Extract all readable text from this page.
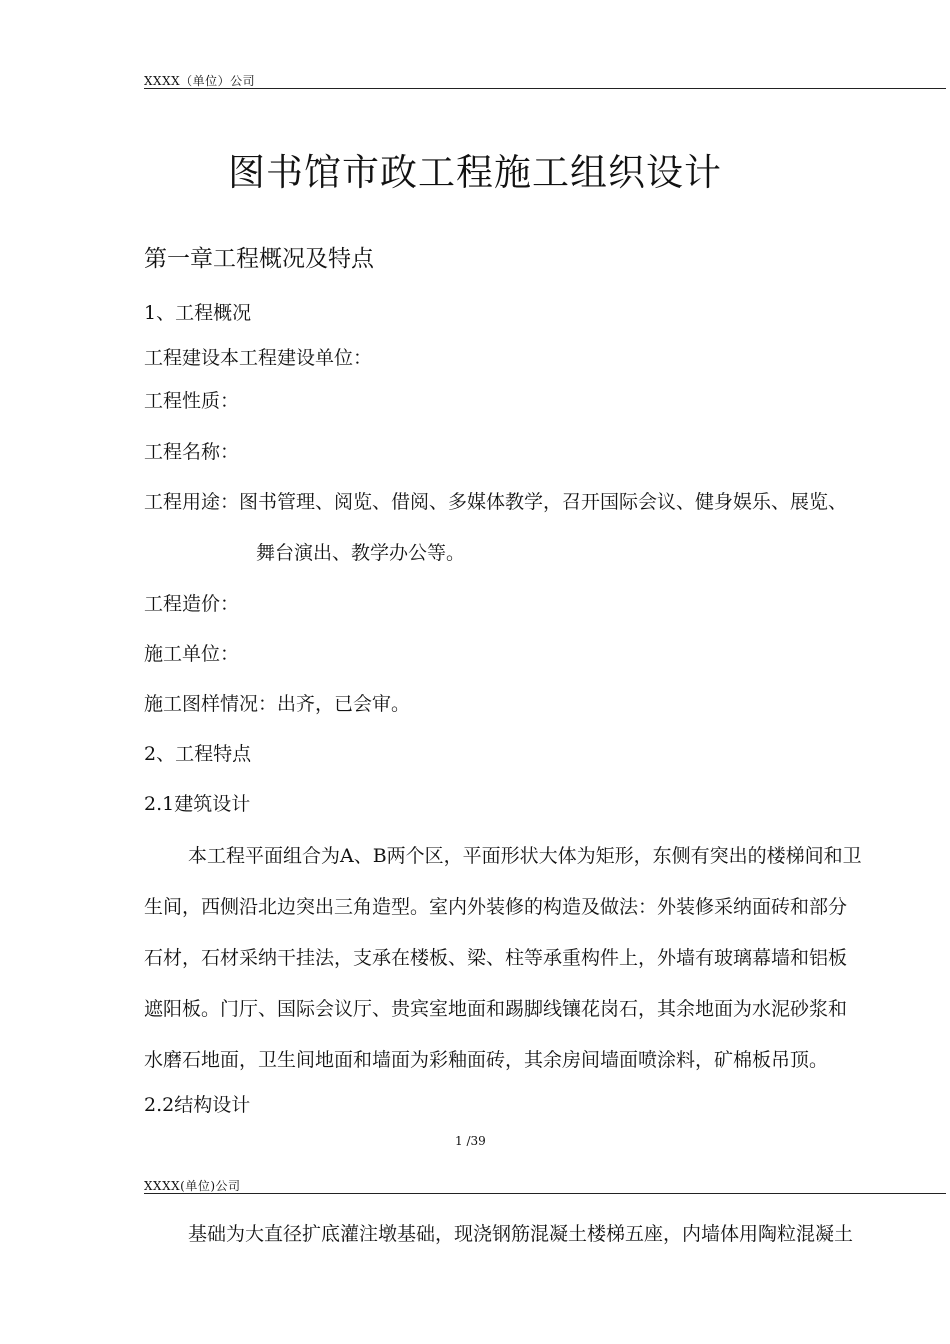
XXXX（单位）公司
图书馆市政工程施工组织设计
第一章工程概况及特点
1、工程概况
工程建设本工程建设单位：
工程性质：
工程名称：
工程用途：图书管理、阅览、借阅、多媒体教学，召开国际会议、健身娱乐、展览、
舞台演出、教学办公等。
工程造价：
施工单位：
施工图样情况：出齐，已会审。
2、工程特点
2.1建筑设计
本工程平面组合为A、B两个区，平面形状大体为矩形，东侧有突出的楼梯间和卫
生间，西侧沿北边突出三角造型。室内外装修的构造及做法：外装修采纳面砖和部分
石材，石材采纳干挂法，支承在楼板、梁、柱等承重构件上，外墙有玻璃幕墙和铝板
遮阳板。门厅、国际会议厅、贵宾室地面和踢脚线镶花岗石，其余地面为水泥砂浆和
水磨石地面，卫生间地面和墙面为彩釉面砖，其余房间墙面喷涂料，矿棉板吊顶。
2.2结构设计
1 /39
XXXX(单位)公司
基础为大直径扩底灌注墩基础，现浇钢筋混凝土楼梯五座，内墙体用陶粒混凝土
